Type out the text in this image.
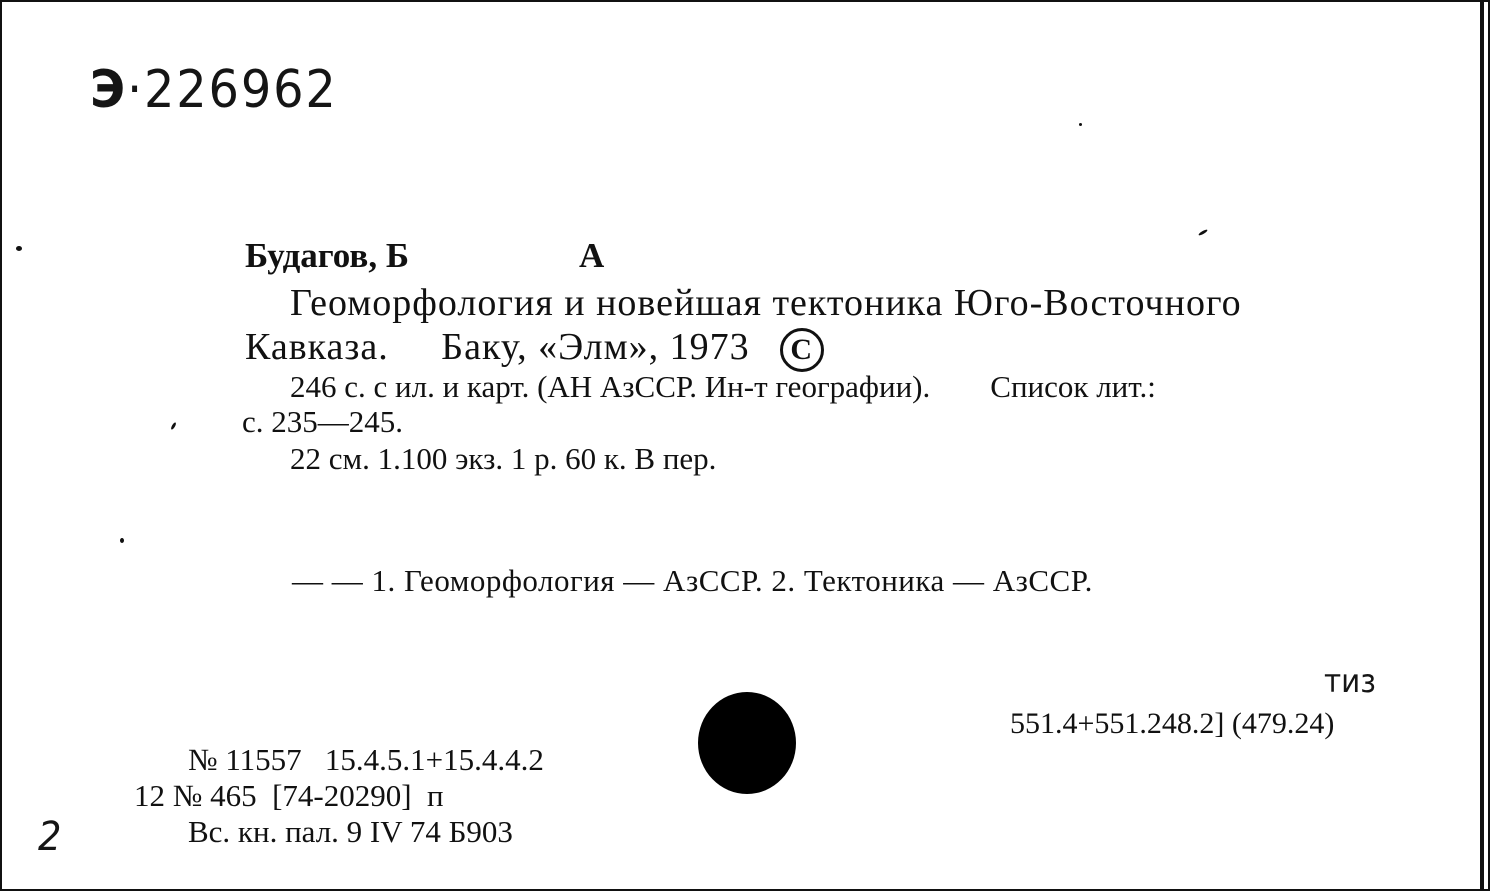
Э·226962
Будагов, Б	А
Геоморфология и новейшая тектоника Юго-Восточного
Кавказа.     Баку, «Элм», 1973 C
246 с. с ил. и карт. (АН АзССР. Ин-т географии). Список лит.:
с. 235—245.
22 см. 1.100 экз. 1 р. 60 к. В пер.
— — 1. Геоморфология — АзССР. 2. Тектоника — АзССР.
тиз
551.4+551.248.2] (479.24)
№ 11557   15.4.5.1+15.4.4.2
12 № 465  [74-20290]  п
Вс. кн. пал. 9 IV 74 Б903
2
